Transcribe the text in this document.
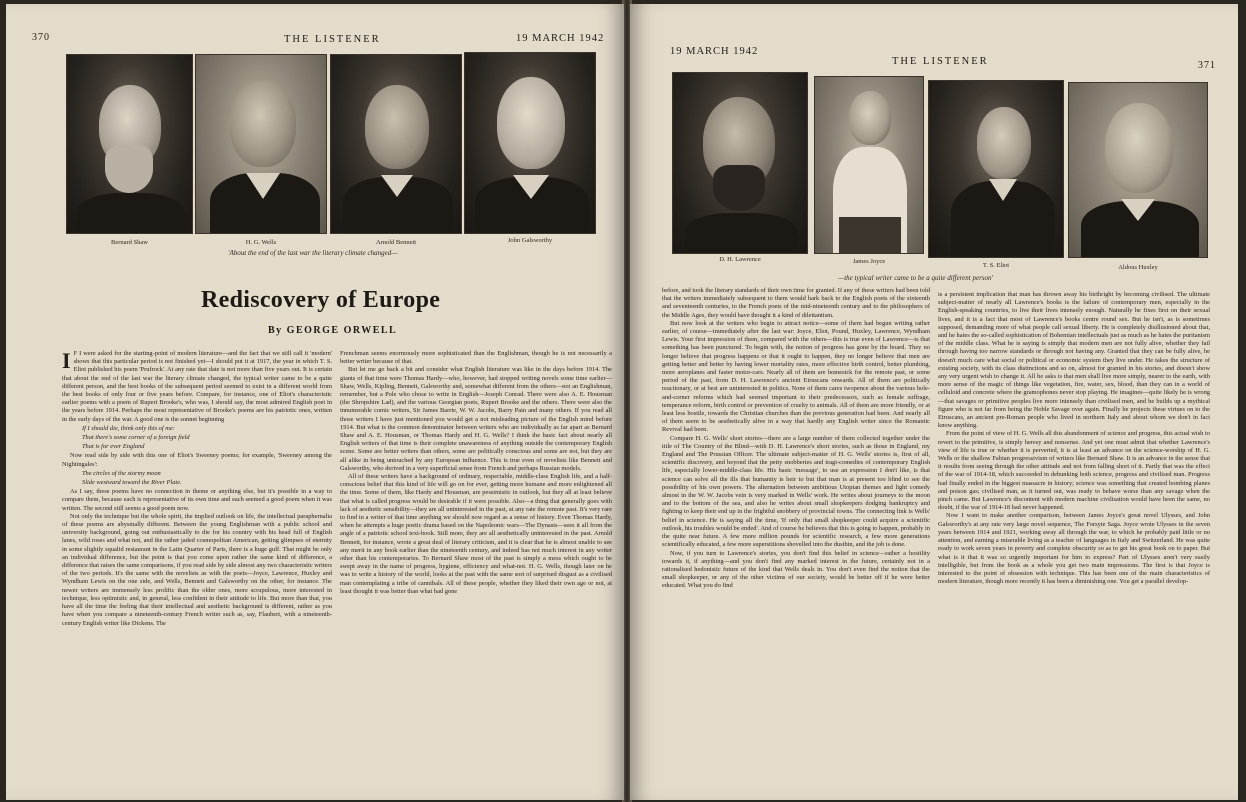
370	THE LISTENER	19 MARCH 1942
Bernard Shaw	H. G. Wells	Arnold Bennett	John Galsworthy
'About the end of the last war the literary climate changed—
Rediscovery of Europe
By GEORGE ORWELL

I F I were asked for the starting-point of modern literature—and the fact that we still call it 'modern' shows that this particular period is not finished yet—I should put it at 1917, the year in which T. S. Eliot published his poem 'Prufrock'. At any rate that date is not more than five years out. It is certain that about the end of the last war the literary climate changed, the typical writer came to be a quite different person, and the best books of the subsequent period seemed to exist in a different world from the best books of only four or five years before. Compare, for instance, one of Eliot's characteristic earlier poems with a poem of Rupert Brooke's, who was, I should say, the most admired English poet in the years before 1914. Perhaps the most representative of Brooke's poems are his patriotic ones, written in the early days of the war. A good one is the sonnet beginning

If I should die, think only this of me:

That there's some corner of a foreign field

That is for ever England

Now read side by side with this one of Eliot's Sweeney poems; for example, 'Sweeney among the Nightingales':

The circles of the stormy moon

Slide westward toward the River Plate.

As I say, these poems have no connection in theme or anything else, but it's possible in a way to compare them, because each is representative of its own time and each seemed a good poem when it was written. The second still seems a good poem now.

Not only the technique but the whole spirit, the implied outlook on life, the intellectual paraphernalia of these poems are abysmally different. Between the young Englishman with a public school and university background, going out enthusiastically to die for his country with his head full of English lanes, wild roses and what not, and the rather jaded cosmopolitan American, getting glimpses of eternity in some slightly squalid restaurant in the Latin Quarter of Paris, there is a huge gulf. That might be only an individual difference, but the point is that you come upon rather the same kind of difference, a difference that raises the same comparisons, if you read side by side almost any two characteristic writers of the two periods. It's the same with the novelists as with the poets—Joyce, Lawrence, Huxley and Wyndham Lewis on the one side, and Wells, Bennett and Galsworthy on the other, for instance. The newer writers are immensely less prolific than the older ones, more scrupulous, more interested in technique, less optimistic and, in general, less confident in their attitude to life. But more than that, you have all the time the feeling that their intellectual and aesthetic background is different, rather as you have when you compare a nineteenth-century French writer such as, say, Flaubert, with a nineteenth-century English writer like Dickens. The

Frenchman seems enormously more sophisticated than the Englishman, though he is not necessarily a better writer because of that.

But let me go back a bit and consider what English literature was like in the days before 1914. The giants of that time were Thomas Hardy—who, however, had stopped writing novels some time earlier—Shaw, Wells, Kipling, Bennett, Galsworthy and, somewhat different from the others—not an Englishman, remember, but a Pole who chose to write in English—Joseph Conrad. There were also A. E. Housman (the Shropshire Lad), and the various Georgian poets, Rupert Brooke and the others. There were also the innumerable comic writers, Sir James Barrie, W. W. Jacobs, Barry Pain and many others. If you read all those writers I have just mentioned you would get a not misleading picture of the English mind before 1914. But what is the common denominator between writers who are individually as far apart as Bernard Shaw and A. E. Housman, or Thomas Hardy and H. G. Wells? I think the basic fact about nearly all English writers of that time is their complete unawareness of anything outside the contemporary English scene. Some are better writers than others, some are politically conscious and some are not, but they are all alike in being untouched by any European influence. This is true even of novelists like Bennett and Galsworthy, who derived in a very superficial sense from French and perhaps Russian models.

All of these writers have a background of ordinary, respectable, middle-class English life, and a half-conscious belief that this kind of life will go on for ever, getting more humane and more enlightened all the time. Some of them, like Hardy and Housman, are pessimistic in outlook, but they all at least believe that what is called progress would be desirable if it were possible. Also—a thing that generally goes with lack of aesthetic sensibility—they are all uninterested in the past, at any rate the remote past. It's very rare to find in a writer of that time anything we should now regard as a sense of history. Even Thomas Hardy, when he attempts a huge poetic drama based on the Napoleonic wars—The Dynasts—sees it all from the angle of a patriotic school text-book. Still more, they are all aesthetically uninterested in the past. Arnold Bennett, for instance, wrote a great deal of literary criticism, and it is clear that he is almost unable to see any merit in any book earlier than the nineteenth century, and indeed has not much interest in any writer other than his contemporaries. To Bernard Shaw most of the past is simply a mess which ought to be swept away in the name of progress, hygiene, efficiency and what-not. H. G. Wells, though later on he was to write a history of the world, looks at the past with the same sort of surprised disgust as a civilised man contemplating a tribe of cannibals. All of these people, whether they liked their own age or not, at least thought it was better than what had gone

19 MARCH 1942
THE LISTENER	371
D. H. Lawrence	James Joyce
T. S. Eliot	Aldous Huxley
—the typical writer came to be a quite different person'

before, and took the literary standards of their own time for granted. If any of these writers had been told that the writers immediately subsequent to them would hark back to the English poets of the sixteenth and seventeenth centuries, to the French poets of the mid-nineteenth century and to the philosophers of the Middle Ages, they would have thought it a kind of dilettantism.

But now look at the writers who begin to attract notice—some of them had begun writing rather earlier, of course—immediately after the last war: Joyce, Eliot, Pound, Huxley, Lawrence, Wyndham Lewis. Your first impression of them, compared with the others—this is true even of Lawrence—is that something has been punctured. To begin with, the notion of progress has gone by the board. They no longer believe that progress happens or that it ought to happen, they no longer believe that men are getting better and better by having lower mortality rates, more effective birth control, better plumbing, more aeroplanes and faster motor-cars. Nearly all of them are homesick for the remote past, or some period of the past, from D. H. Lawrence's ancient Etruscans onwards. All of them are politically reactionary, or at best are uninterested in politics. None of them cares twopence about the various hole-and-corner reforms which had seemed important to their predecessors, such as female suffrage, temperance reform, birth control or prevention of cruelty to animals. All of them are more friendly, or at least less hostile, towards the Christian churches than the previous generation had been. And nearly all of them seem to be aesthetically alive in a way that hardly any English writer since the Romantic Revival had been.

Compare H. G. Wells' short stories—there are a large number of them collected together under the title of The Country of the Blind—with D. H. Lawrence's short stories, such as those in England, my England and The Prussian Officer. The ultimate subject-matter of H. G. Wells' stories is, first of all, scientific discovery, and beyond that the petty snobberies and tragi-comedies of contemporary English life, especially lower-middle-class life. His basic 'message', to use an expression I don't like, is that science can solve all the ills that humanity is heir to but that man is at present too blind to see the possibility of his own powers. The alternation between ambitious Utopian themes and light comedy almost in the W. W. Jacobs vein is very marked in Wells' work. He writes about journeys to the moon and to the bottom of the sea, and also he writes about small shopkeepers dodging bankruptcy and fighting to keep their end up in the frightful snobbery of provincial towns. The connecting link is Wells' belief in science. He is saying all the time, 'If only that small shopkeeper could acquire a scientific outlook, his troubles would be ended'. And of course he believes that this is going to happen, probably in the quite near future. A few more million pounds for scientific research, a few more generations scientifically educated, a few more superstitions shovelled into the dustbin, and the job is done.

Now, if you turn to Lawrence's stories, you don't find this belief in science—rather a hostility towards it, if anything—and you don't find any marked interest in the future, certainly not in a rationalised hedonistic future of the kind that Wells deals in. You don't even find the notion that the small shopkeeper, or any of the other victims of our society, would be better off if he were better educated. What you do find

is a persistent implication that man has thrown away his birthright by becoming civilised. The ultimate subject-matter of nearly all Lawrence's books is the failure of contemporary men, especially in the English-speaking countries, to live their lives intensely enough. Naturally he fixes first on their sexual lives, and it is a fact that most of Lawrence's books centre round sex. But he isn't, as is sometimes supposed, demanding more of what people call sexual liberty. He is completely disillusioned about that, and he hates the so-called sophistication of Bohemian intellectuals just as much as he hates the puritanism of the middle class. What he is saying is simply that modern men are not fully alive, whether they fail through having too narrow standards or through not having any. Granted that they can be fully alive, he doesn't much care what social or political or economic system they live under. He takes the structure of existing society, with its class distinctions and so on, almost for granted in his stories, and doesn't show any very urgent wish to change it. All he asks is that men shall live more simply, nearer to the earth, with more sense of the magic of things like vegetation, fire, water, sex, blood, than they can in a world of celluloid and concrete where the gramophones never stop playing. He imagines—quite likely he is wrong—that savages or primitive peoples live more intensely than civilised men, and he builds up a mythical figure who is not far from being the Noble Savage over again. Finally he projects these virtues on to the Etruscans, an ancient pre-Roman people who lived in northern Italy and about whom we don't in fact know anything.

From the point of view of H. G. Wells all this abandonment of science and progress, this actual wish to revert to the primitive, is simply heresy and nonsense. And yet one must admit that whether Lawrence's view of life is true or whether it is perverted, it is at least an advance on the science-worship of H. G. Wells or the shallow Fabian progressivism of writers like Bernard Shaw. It is an advance in the sense that it results from seeing through the other attitude and not from falling short of it. Partly that was the effect of the war of 1914-18, which succeeded in debunking both science, progress and civilised man. Progress had finally ended in the biggest massacre in history; science was something that created bombing planes and poison gas; civilised man, as it turned out, was ready to behave worse than any savage when the pinch came. But Lawrence's discontent with modern machine civilisation would have been the same, no doubt, if the war of 1914-18 had never happened.

Now I want to make another comparison, between James Joyce's great novel Ulysses, and John Galsworthy's at any rate very large novel sequence, The Forsyte Saga. Joyce wrote Ulysses in the seven years between 1914 and 1921, working away all through the war, to which he probably paid little or no attention, and earning a miserable living as a teacher of languages in Italy and Switzerland. He was quite ready to work seven years in poverty and complete obscurity so as to get his great book on to paper. But what is it that it was so urgently important for him to express? Part of Ulysses aren't very easily intelligible, but from the book as a whole you get two main impressions. The first is that Joyce is interested to the point of obsession with technique. This has been one of the main characteristics of modern literature, though more recently it has been a diminishing one. You get a parallel develop-
